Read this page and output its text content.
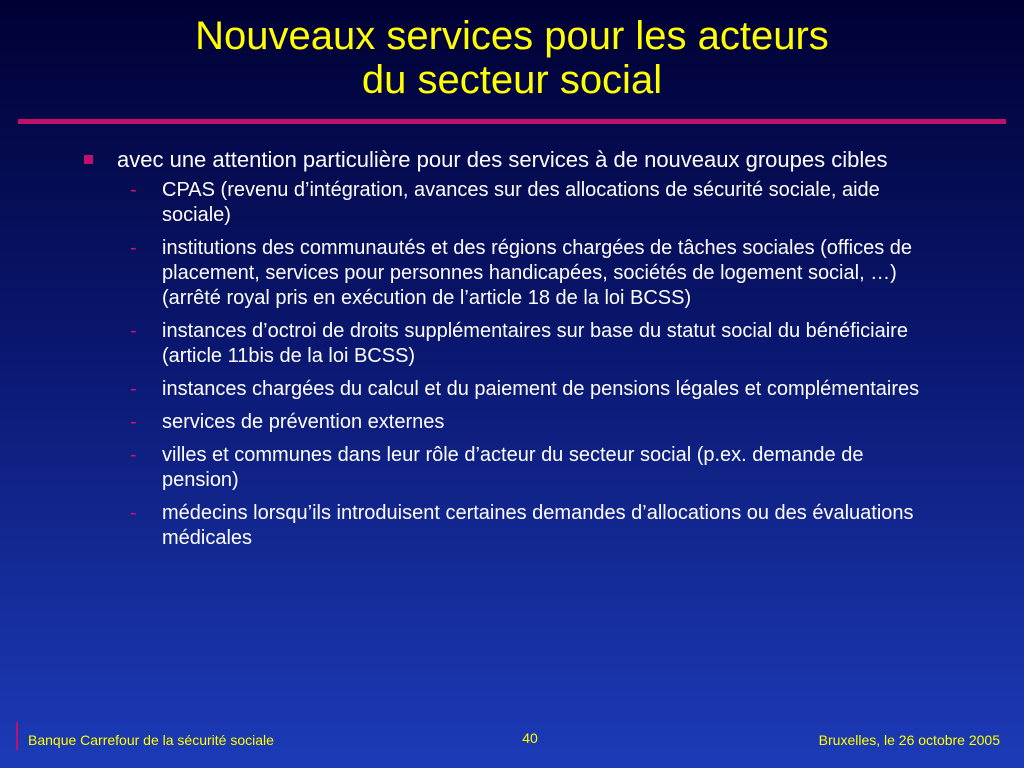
Nouveaux services pour les acteurs
du secteur social
avec une attention particulière pour des services à de nouveaux groupes cibles
- CPAS (revenu d’intégration, avances sur des allocations de sécurité sociale, aide sociale)
- institutions des communautés et des régions chargées de tâches sociales (offices de placement, services pour personnes handicapées, sociétés de logement social, …) (arrêté royal pris en exécution de l’article 18 de la loi BCSS)
- instances d’octroi de droits supplémentaires sur base du statut social du bénéficiaire (article 11bis de la loi BCSS)
- instances chargées du calcul et du paiement de pensions légales et complémentaires
- services de prévention externes
- villes et communes dans leur rôle d’acteur du secteur social (p.ex. demande de pension)
- médecins lorsqu’ils introduisent certaines demandes d’allocations ou des évaluations médicales
Banque Carrefour de la sécurité sociale	40	Bruxelles, le 26 octobre 2005
